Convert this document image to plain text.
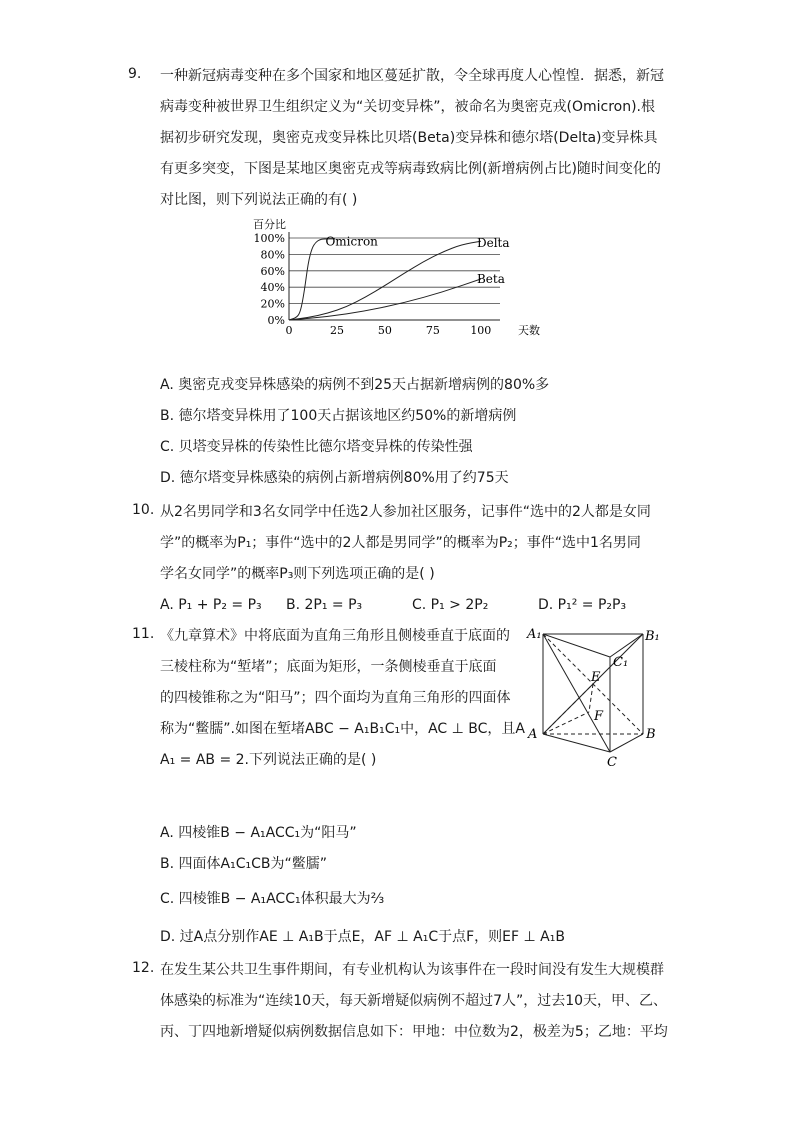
9. 一种新冠病毒变种在多个国家和地区蔓延扩散，令全球再度人心惶惶．据悉，新冠
病毒变种被世界卫生组织定义为“关切变异株”，被命名为奥密克戎(Omicron).根
据初步研究发现，奥密克戎变异株比贝塔(Beta)变异株和德尔塔(Delta)变异株具
有更多突变，下图是某地区奥密克戎等病毒致病比例(新增病例占比)随时间变化的
对比图，则下列说法正确的有( )
百分比
0%
20%
40%
60%
80%
100%
0	25	50	75	100 天数
Omicron	Delta
Beta
A. 奥密克戎变异株感染的病例不到25天占据新增病例的80%多
B. 德尔塔变异株用了100天占据该地区约50%的新增病例
C. 贝塔变异株的传染性比德尔塔变异株的传染性强
D. 德尔塔变异株感染的病例占新增病例80%用了约75天
10. 从2名男同学和3名女同学中任选2人参加社区服务，记事件“选中的2人都是女同
学”的概率为P₁；事件“选中的2人都是男同学”的概率为P₂；事件“选中1名男同
学名女同学”的概率P₃则下列选项正确的是( )
A. P₁ + P₂ = P₃ B. 2P₁ = P₃	C. P₁ > 2P₂	D. P₁² = P₂P₃
11. 《九章算术》中将底面为直角三角形且侧棱垂直于底面的
三棱柱称为“堑堵”；底面为矩形，一条侧棱垂直于底面
的四棱锥称之为“阳马”；四个面均为直角三角形的四面体
称为“鳖臑”.如图在堑堵ABC − A₁B₁C₁中，AC ⊥ BC，且A
A₁ = AB = 2.下列说法正确的是( )
A₁	B₁
C₁
E
F
A	B
C
A. 四棱锥B − A₁ACC₁为“阳马”
B. 四面体A₁C₁CB为“鳖臑”
C. 四棱锥B − A₁ACC₁体积最大为⅔
D. 过A点分别作AE ⊥ A₁B于点E，AF ⊥ A₁C于点F，则EF ⊥ A₁B
12. 在发生某公共卫生事件期间，有专业机构认为该事件在一段时间没有发生大规模群
体感染的标准为“连续10天，每天新增疑似病例不超过7人”，过去10天，甲、乙、
丙、丁四地新增疑似病例数据信息如下：甲地：中位数为2，极差为5；乙地：平均
